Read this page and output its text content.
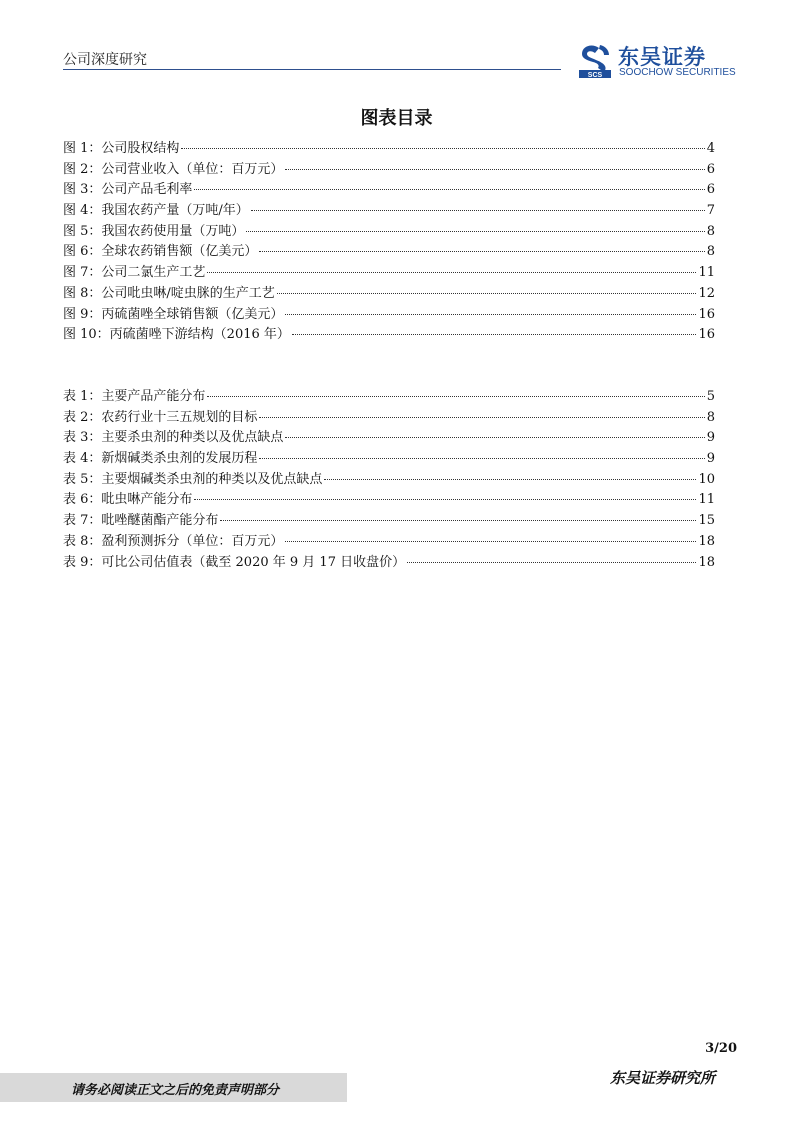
公司深度研究
SCS
东吴证券
SOOCHOW SECURITIES
图表目录
图 1：公司股权结构	4
图 2：公司营业收入（单位：百万元）	6
图 3：公司产品毛利率	6
图 4：我国农药产量（万吨/年）	7
图 5：我国农药使用量（万吨）	8
图 6：全球农药销售额（亿美元）	8
图 7：公司二氯生产工艺	11
图 8：公司吡虫啉/啶虫脒的生产工艺	12
图 9：丙硫菌唑全球销售额（亿美元）	16
图 10：丙硫菌唑下游结构（2016 年）	16
表 1：主要产品产能分布	5
表 2：农药行业十三五规划的目标	8
表 3：主要杀虫剂的种类以及优点缺点	9
表 4：新烟碱类杀虫剂的发展历程	9
表 5：主要烟碱类杀虫剂的种类以及优点缺点	10
表 6：吡虫啉产能分布	11
表 7：吡唑醚菌酯产能分布	15
表 8：盈利预测拆分（单位：百万元）	18
表 9：可比公司估值表（截至 2020 年 9 月 17 日收盘价）	18
3/20
请务必阅读正文之后的免责声明部分
东吴证券研究所
